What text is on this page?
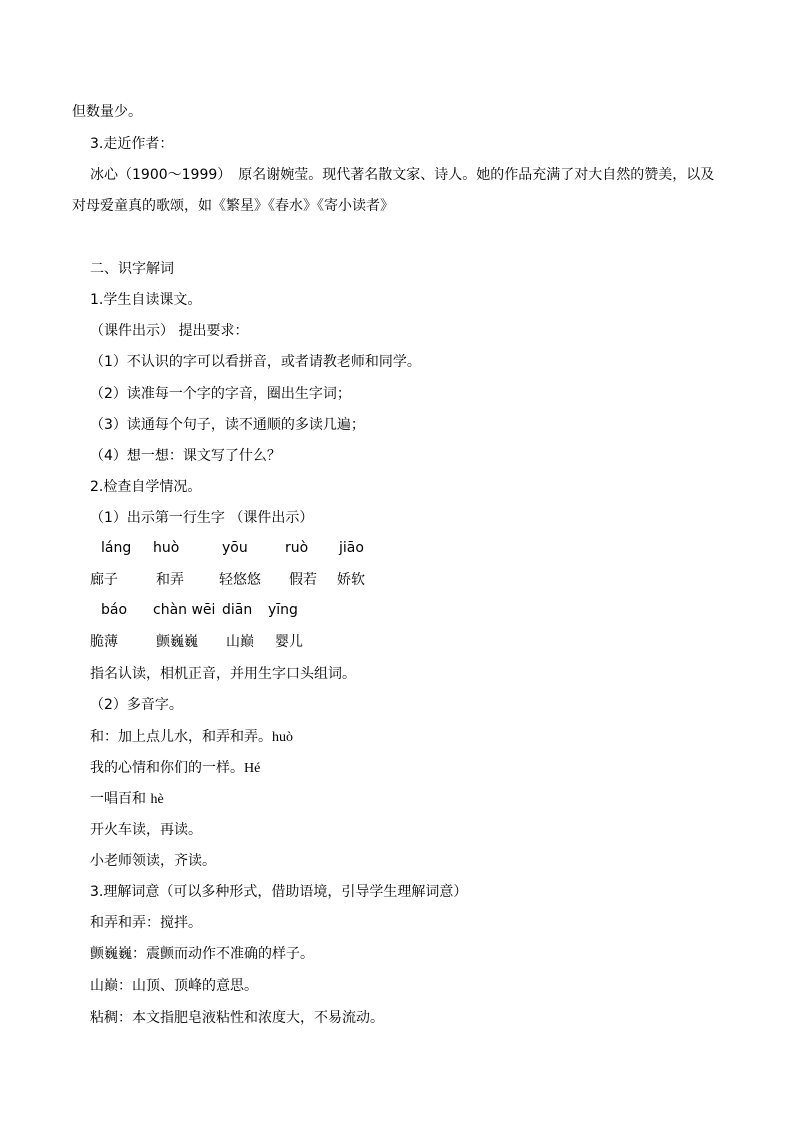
但数量少。
3.走近作者：
冰心（1900～1999）　原名谢婉莹。现代著名散文家、诗人。她的作品充满了对大自然的赞美，以及
对母爱童真的歌颂，如《繁星》《春水》《寄小读者》
二、识字解词
1.学生自读课文。
（课件出示） 提出要求：
（1）不认识的字可以看拼音，或者请教老师和同学。
（2）读准每一个字的字音，圈出生字词；
（3）读通每个句子，读不通顺的多读几遍；
（4）想一想：课文写了什么？
2.检查自学情况。
（1）出示第一行生字 （课件出示）
láng huò	yōu	ruò jiāo
廊子	和弄	轻悠悠 假若 娇软
báo chàn wēi diān yīng
脆薄	颤巍巍 山巅 婴儿
指名认读，相机正音，并用生字口头组词。
（2）多音字。
和：加上点儿水，和弄和弄。huò
我的心情和你们的一样。Hé
一唱百和 hè
开火车读，再读。
小老师领读，齐读。
3.理解词意（可以多种形式，借助语境，引导学生理解词意）
和弄和弄：搅拌。
颤巍巍：震颤而动作不准确的样子。
山巅：山顶、顶峰的意思。
粘稠：本文指肥皂液粘性和浓度大，不易流动。
